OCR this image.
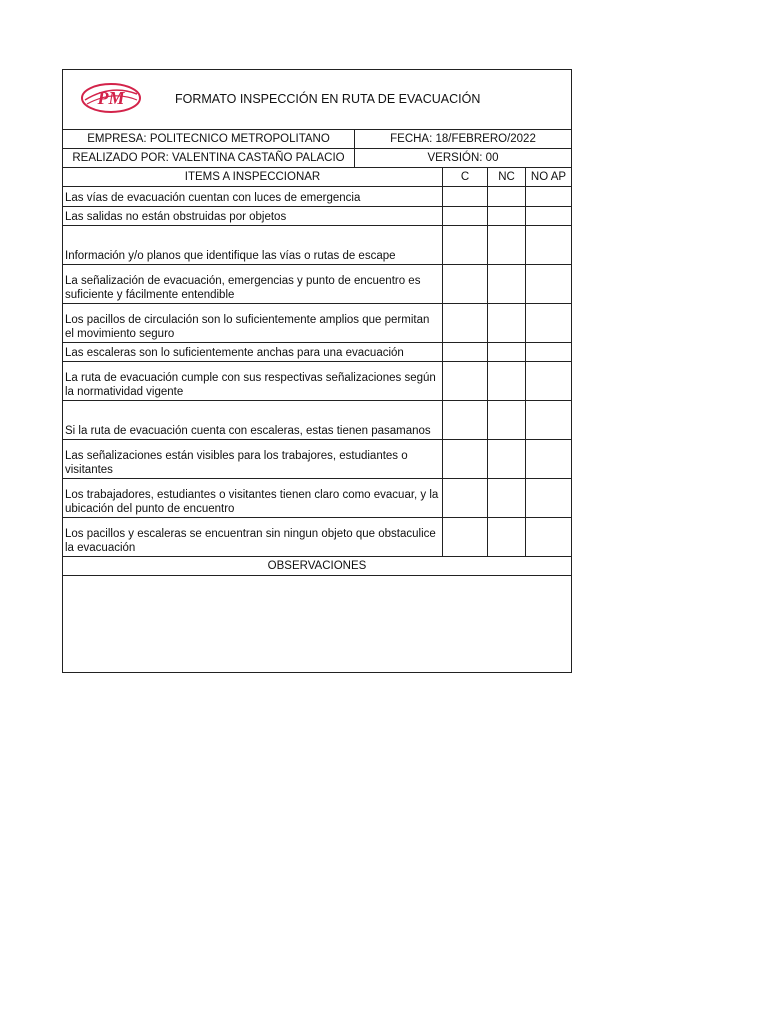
PM	FORMATO INSPECCIÓN EN RUTA DE EVACUACIÓN
EMPRESA: POLITECNICO METROPOLITANO	FECHA: 18/FEBRERO/2022
REALIZADO POR: VALENTINA CASTAÑO PALACIO	VERSIÓN: 00
ITEMS A INSPECCIONAR	C	NC	NO AP
Las vías de evacuación cuentan con luces de emergencia
Las salidas no están obstruidas por objetos
Información y/o planos que identifique las vías o rutas de escape
La señalización de evacuación, emergencias y punto de encuentro es suficiente y fácilmente entendible
Los pacillos de circulación son lo suficientemente amplios que permitan el movimiento seguro
Las escaleras son lo suficientemente anchas para una evacuación
La ruta de evacuación cumple con sus respectivas señalizaciones según la normatividad vigente
Si la ruta de evacuación cuenta con escaleras, estas tienen pasamanos
Las señalizaciones están visibles para los trabajores, estudiantes o visitantes
Los trabajadores, estudiantes o visitantes tienen claro como evacuar, y la ubicación del punto de encuentro
Los pacillos y escaleras se encuentran sin ningun objeto que obstaculice la evacuación
OBSERVACIONES
